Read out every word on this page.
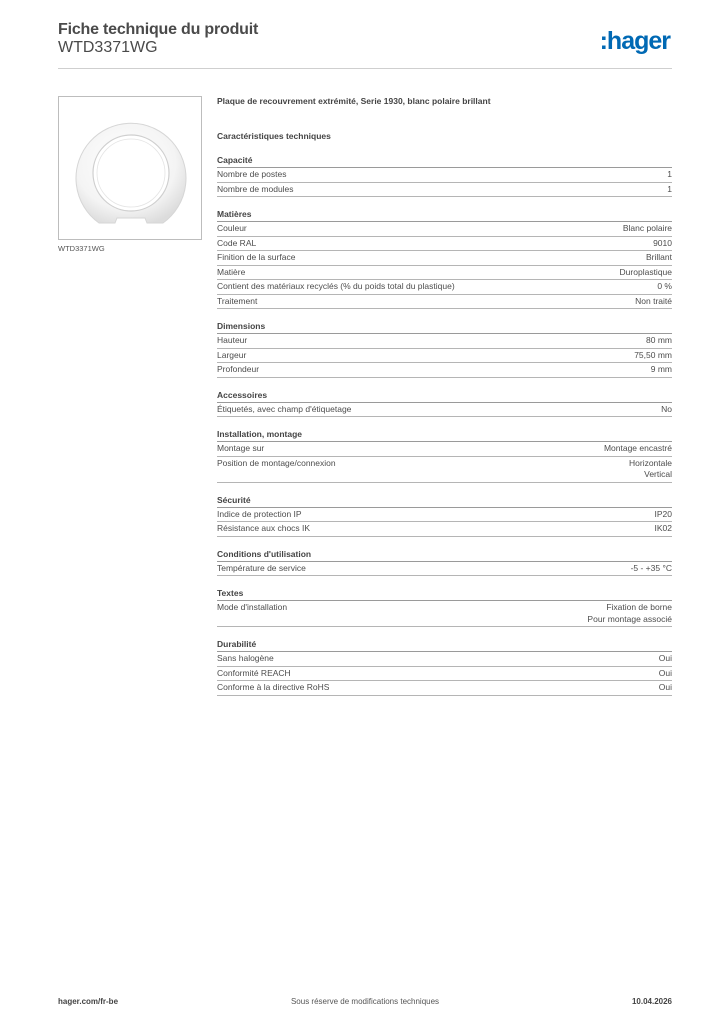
Fiche technique du produit
WTD3371WG	:hager
WTD3371WG
Plaque de recouvrement extrémité, Serie 1930, blanc polaire brillant
Caractéristiques techniques
Capacité
Nombre de postes	1
Nombre de modules	1
Matières
Couleur	Blanc polaire
Code RAL	9010
Finition de la surface	Brillant
Matière	Duroplastique
Contient des matériaux recyclés (% du poids total du plastique)	0 %
Traitement	Non traité
Dimensions
Hauteur	80 mm
Largeur	75,50 mm
Profondeur	9 mm
Accessoires
Étiquetés, avec champ d'étiquetage	No
Installation, montage
Montage sur	Montage encastré
Position de montage/connexion	Horizontale
Vertical
Sécurité
Indice de protection IP	IP20
Résistance aux chocs IK	IK02
Conditions d'utilisation
Température de service	-5 - +35 °C
Textes
Mode d'installation	Fixation de borne
Pour montage associé
Durabilité
Sans halogène	Oui
Conformité REACH	Oui
Conforme à la directive RoHS	Oui
Sous réserve de modifications techniques
hager.com/fr-be	10.04.2026
